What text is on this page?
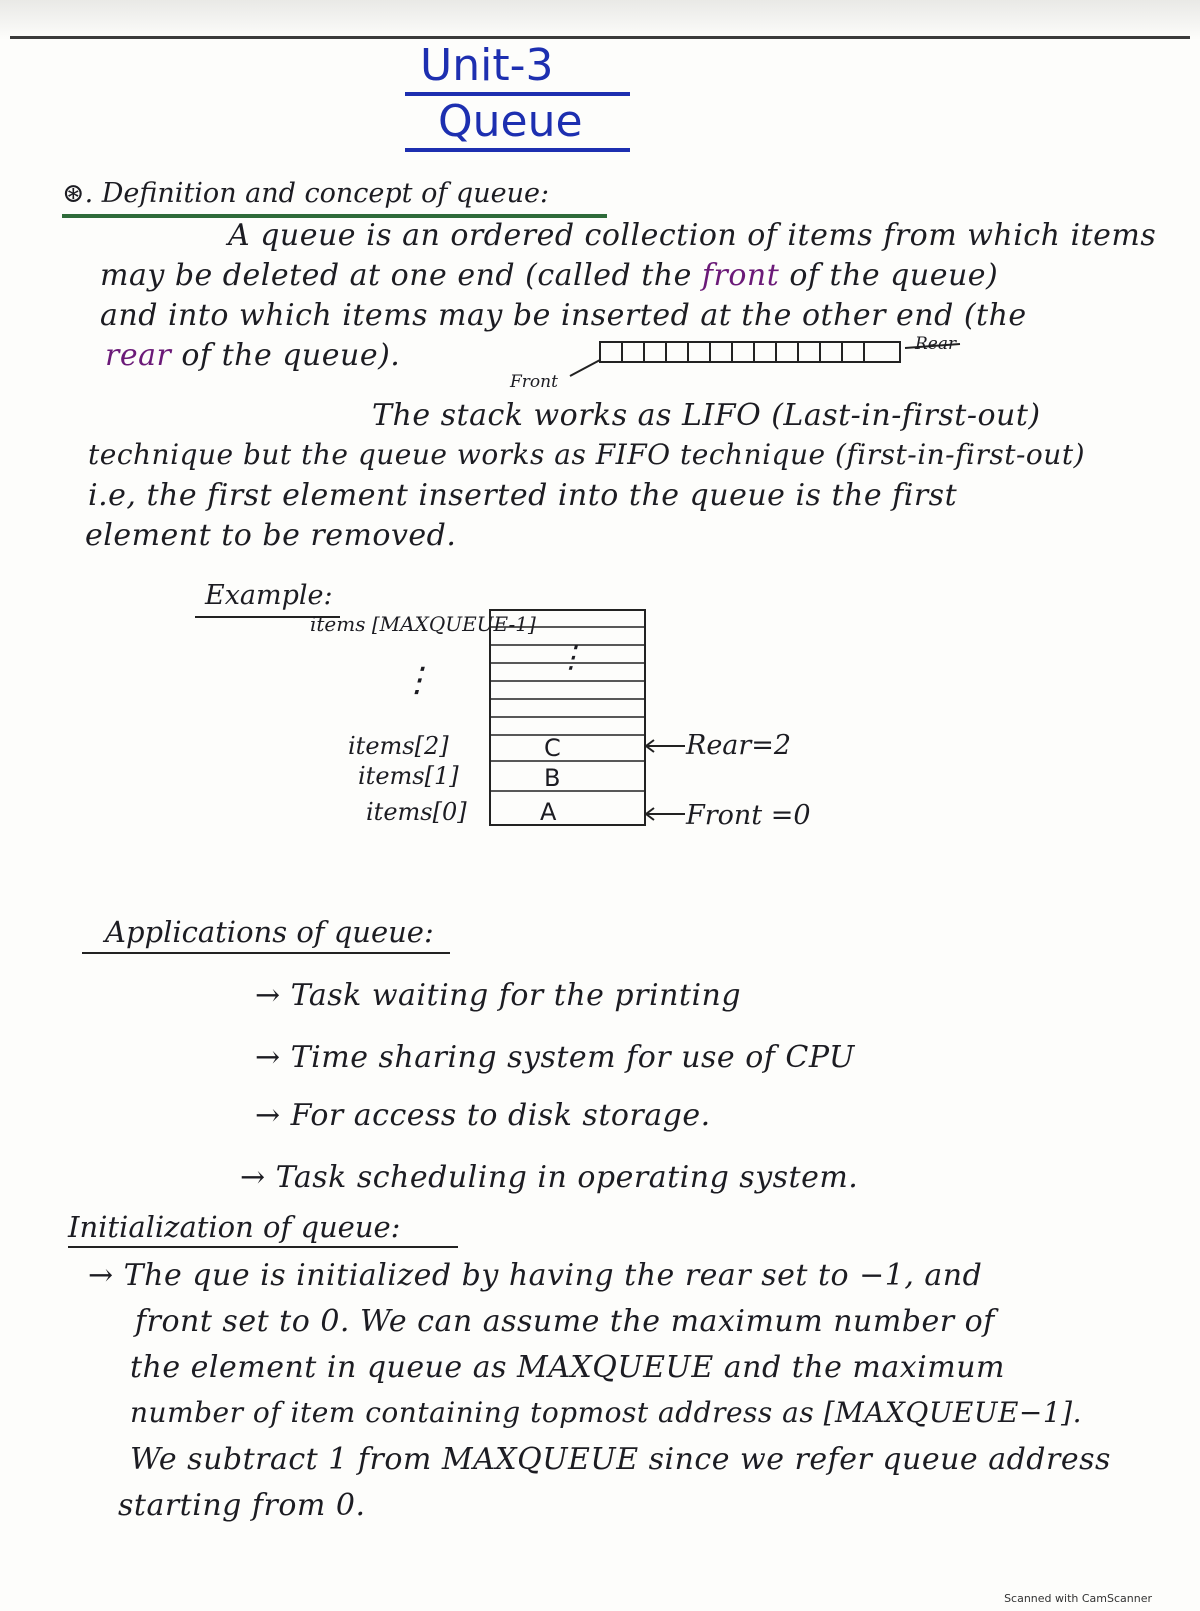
Unit-3
Queue
⊛. Definition and concept of queue:
A queue is an ordered collection of items from which items
may be deleted at one end (called the front of the queue)
and into which items may be inserted at the other end (the
rear of the queue).	Rear
Front
The stack works as LIFO (Last-in-first-out)
technique but the queue works as FIFO technique (first-in-first-out)
i.e, the first element inserted into the queue is the first
element to be removed.
Example:
items [MAXQUEUE-1]
⋮
⋮
items[2]
items[1]
items[0]
C
B
A
Rear=2
Front =0
Applications of queue:
→ Task waiting for the printing
→ Time sharing system for use of CPU
→ For access to disk storage.
→ Task scheduling in operating system.
Initialization of queue:
→ The que is initialized by having the rear set to −1, and
front set to 0. We can assume the maximum number of
the element in queue as MAXQUEUE and the maximum
number of item containing topmost address as [MAXQUEUE−1].
We subtract 1 from MAXQUEUE since we refer queue address
starting from 0.
Scanned with CamScanner
